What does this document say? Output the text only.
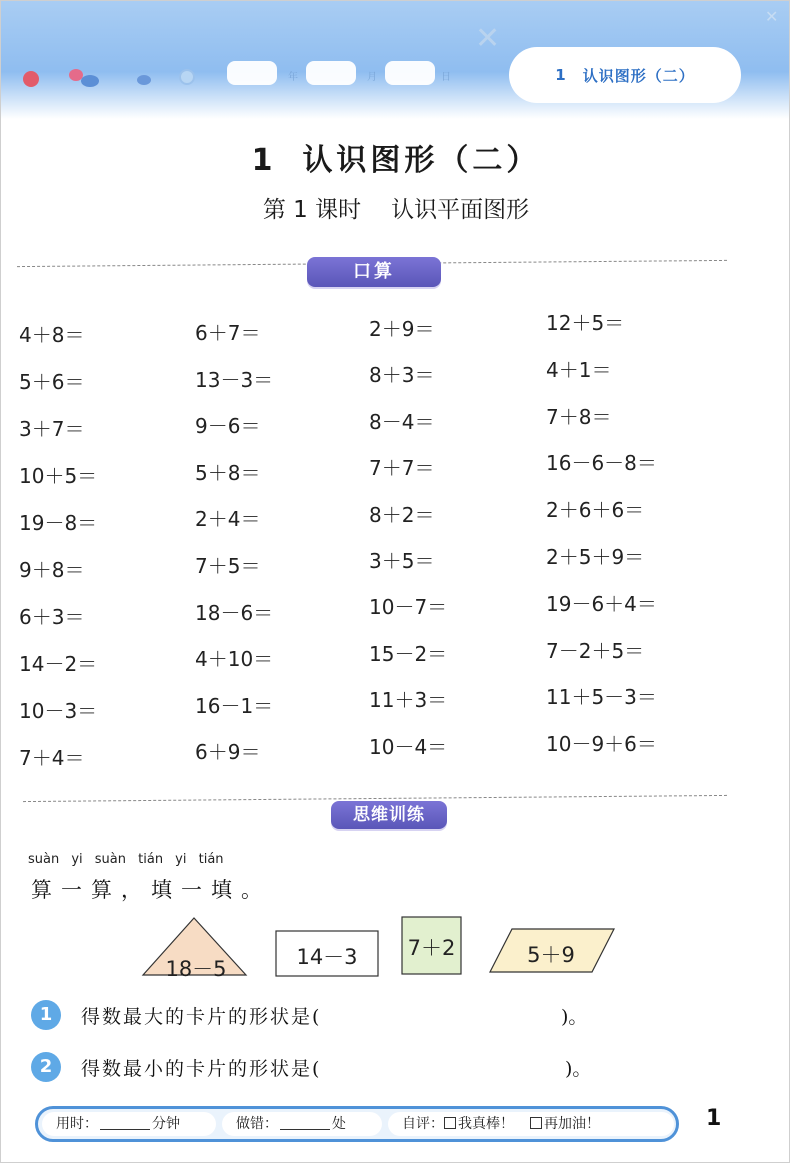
✕
✕
年	月	日	1 认识图形（二）
1 认识图形（二）
第 1 课时 认识平面图形
口算
4＋8＝	6＋7＝	2＋9＝	12＋5＝
5＋6＝	13－3＝	8＋3＝	4＋1＝
3＋7＝	9－6＝	8－4＝	7＋8＝
10＋5＝	5＋8＝	7＋7＝	16－6－8＝
19－8＝	2＋4＝	8＋2＝	2＋6＋6＝
9＋8＝	7＋5＝	3＋5＝	2＋5＋9＝
6＋3＝	18－6＝	10－7＝	19－6＋4＝
14－2＝	4＋10＝	15－2＝	7－2＋5＝
10－3＝	16－1＝	11＋3＝	11＋5－3＝
7＋4＝	6＋9＝	10－4＝	10－9＋6＝
思维训练
suàn yi suàn tián yi tián
算一算，填一填。
18－5	14－3	7＋2	5＋9
1	得数最大的卡片的形状是(	)。
2	得数最小的卡片的形状是(	)。
用时：	分钟	做错：	处	自评： 我真棒！ 再加油！	1
